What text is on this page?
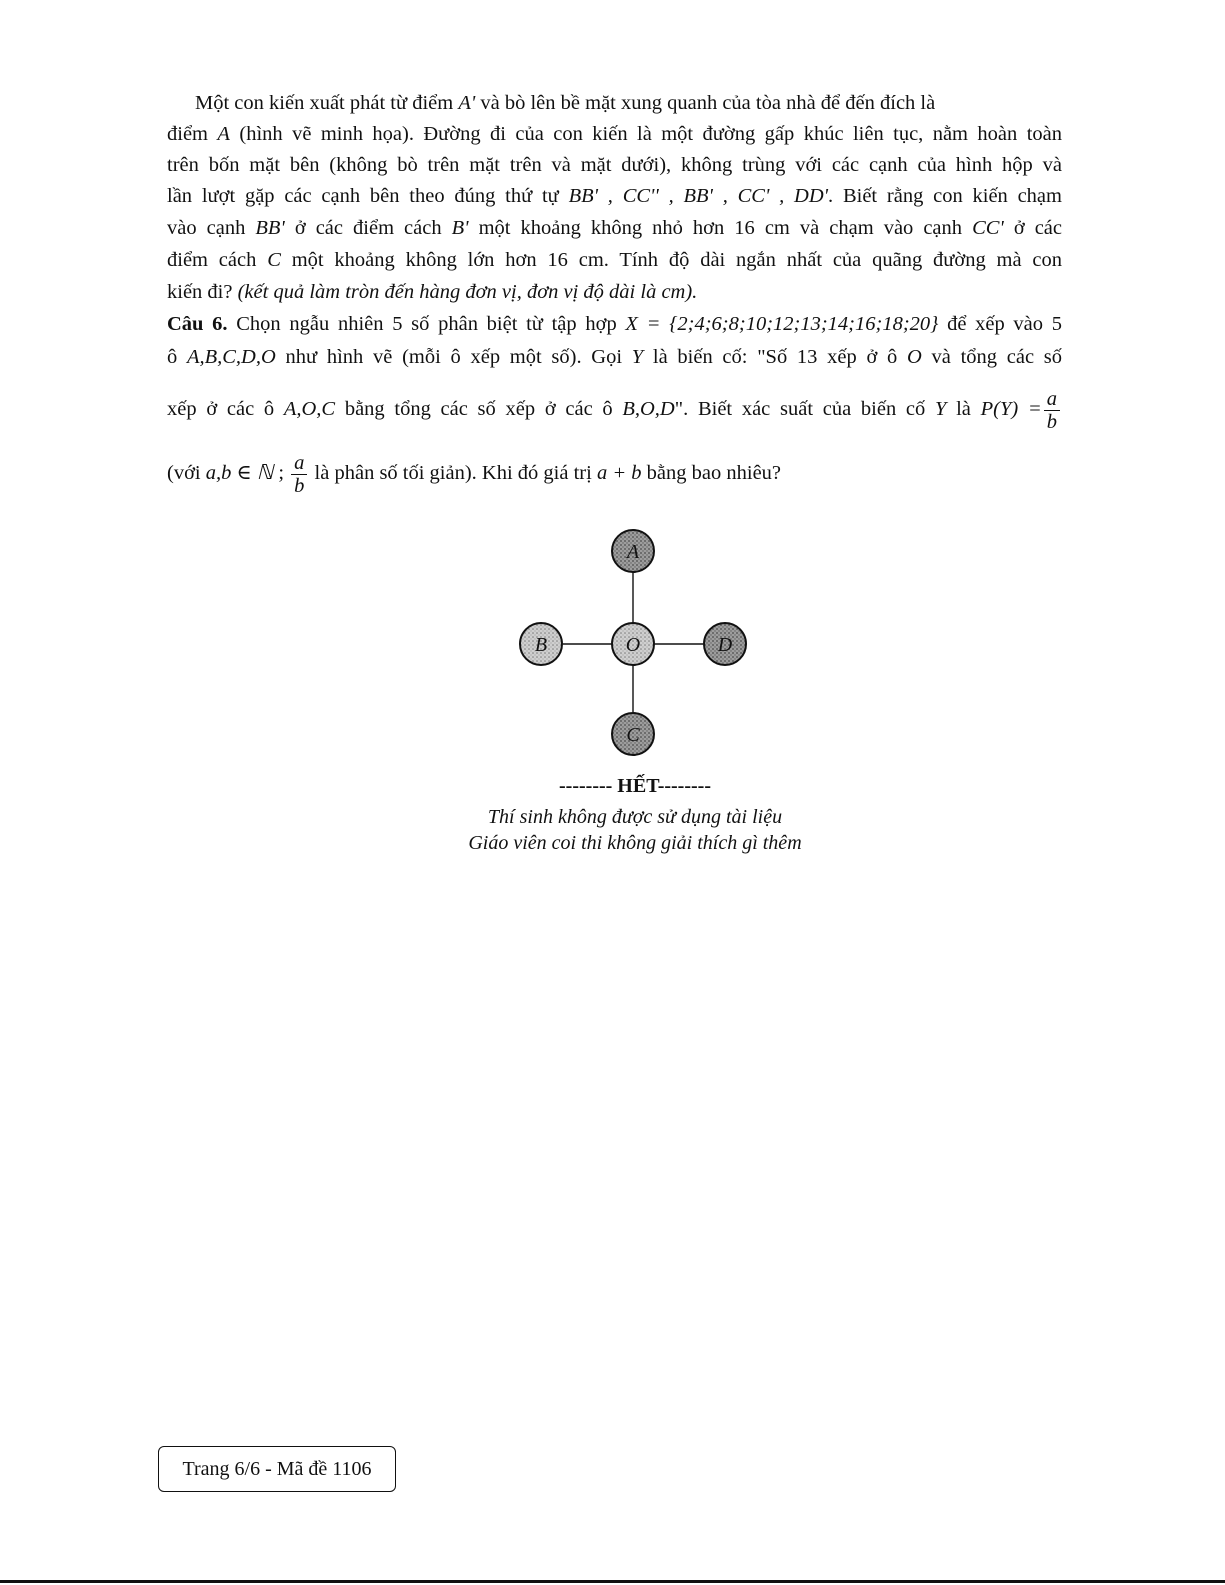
Một con kiến xuất phát từ điểm A' và bò lên bề mặt xung quanh của tòa nhà để đến đích là
điểm A (hình vẽ minh họa). Đường đi của con kiến là một đường gấp khúc liên tục, nằm hoàn toàn
trên bốn mặt bên (không bò trên mặt trên và mặt dưới), không trùng với các cạnh của hình hộp và
lần lượt gặp các cạnh bên theo đúng thứ tự BB' , CC'' , BB' , CC' , DD'. Biết rằng con kiến chạm
vào cạnh BB' ở các điểm cách B' một khoảng không nhỏ hơn 16 cm và chạm vào cạnh CC' ở các
điểm cách C một khoảng không lớn hơn 16 cm. Tính độ dài ngắn nhất của quãng đường mà con
kiến đi? (kết quả làm tròn đến hàng đơn vị, đơn vị độ dài là cm).
Câu 6. Chọn ngẫu nhiên 5 số phân biệt từ tập hợp X = {2;4;6;8;10;12;13;14;16;18;20} để xếp vào 5
ô A,B,C,D,O như hình vẽ (mỗi ô xếp một số). Gọi Y là biến cố: "Số 13 xếp ở ô O và tổng các số
xếp ở các ô A,O,C bằng tổng các số xếp ở các ô B,O,D". Biết xác suất của biến cố Y là $P(Y) = \frac{a}{b}$
(với a,b ∈ ℕ ; $\frac{a}{b}$ là phân số tối giản). Khi đó giá trị a + b bằng bao nhiêu?
A
B	O	D
C
-------- HẾT--------
Thí sinh không được sử dụng tài liệu
Giáo viên coi thi không giải thích gì thêm
Trang 6/6 - Mã đề 1106
